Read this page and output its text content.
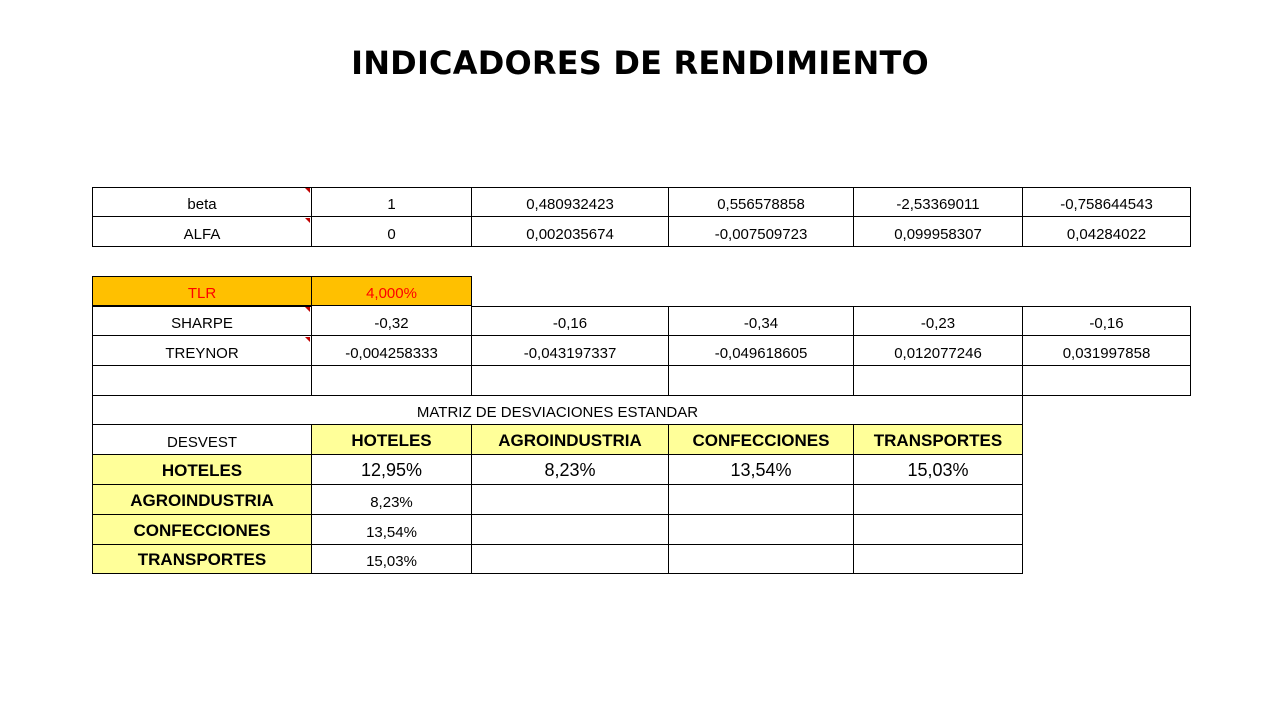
INDICADORES DE RENDIMIENTO
beta	1	0,480932423	0,556578858	-2,53369011	-0,758644543
ALFA	0	0,002035674	-0,007509723	0,099958307	0,04284022
TLR	4,000%
SHARPE	-0,32	-0,16	-0,34	-0,23	-0,16
TREYNOR	-0,004258333	-0,043197337	-0,049618605	0,012077246	0,031997858
MATRIZ DE DESVIACIONES ESTANDAR
DESVEST	HOTELES	AGROINDUSTRIA	CONFECCIONES	TRANSPORTES
HOTELES	12,95%	8,23%	13,54%	15,03%
AGROINDUSTRIA	8,23%
CONFECCIONES	13,54%
TRANSPORTES	15,03%
